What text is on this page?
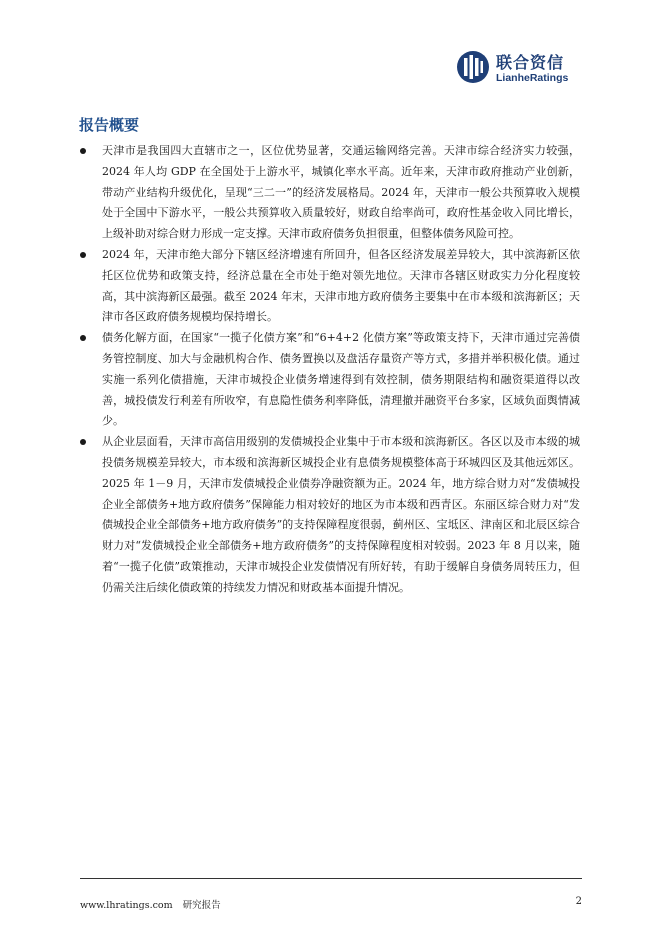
联合资信
LianheRatings
报告概要
天津市是我国四大直辖市之一，区位优势显著，交通运输网络完善。天津市综合经济实力较强，2024 年人均 GDP 在全国处于上游水平，城镇化率水平高。近年来，天津市政府推动产业创新，带动产业结构升级优化，呈现“三二一”的经济发展格局。2024 年，天津市一般公共预算收入规模处于全国中下游水平，一般公共预算收入质量较好，财政自给率尚可，政府性基金收入同比增长，上级补助对综合财力形成一定支撑。天津市政府债务负担很重，但整体债务风险可控。
2024 年，天津市绝大部分下辖区经济增速有所回升，但各区经济发展差异较大，其中滨海新区依托区位优势和政策支持，经济总量在全市处于绝对领先地位。天津市各辖区财政实力分化程度较高，其中滨海新区最强。截至 2024 年末，天津市地方政府债务主要集中在市本级和滨海新区；天津市各区政府债务规模均保持增长。
债务化解方面，在国家“一揽子化债方案”和“6+4+2 化债方案”等政策支持下，天津市通过完善债务管控制度、加大与金融机构合作、债务置换以及盘活存量资产等方式，多措并举积极化债。通过实施一系列化债措施，天津市城投企业债务增速得到有效控制，债务期限结构和融资渠道得以改善，城投债发行利差有所收窄，有息隐性债务利率降低，清理撤并融资平台多家，区域负面舆情减少。
从企业层面看，天津市高信用级别的发债城投企业集中于市本级和滨海新区。各区以及市本级的城投债务规模差异较大，市本级和滨海新区城投企业有息债务规模整体高于环城四区及其他远郊区。2025 年 1－9 月，天津市发债城投企业债券净融资额为正。2024 年，地方综合财力对“发债城投企业全部债务+地方政府债务”保障能力相对较好的地区为市本级和西青区。东丽区综合财力对“发债城投企业全部债务+地方政府债务”的支持保障程度很弱，蓟州区、宝坻区、津南区和北辰区综合财力对“发债城投企业全部债务+地方政府债务”的支持保障程度相对较弱。2023 年 8 月以来，随着“一揽子化债”政策推动，天津市城投企业发债情况有所好转，有助于缓解自身债务周转压力，但仍需关注后续化债政策的持续发力情况和财政基本面提升情况。
www.lhratings.com 研究报告	2
